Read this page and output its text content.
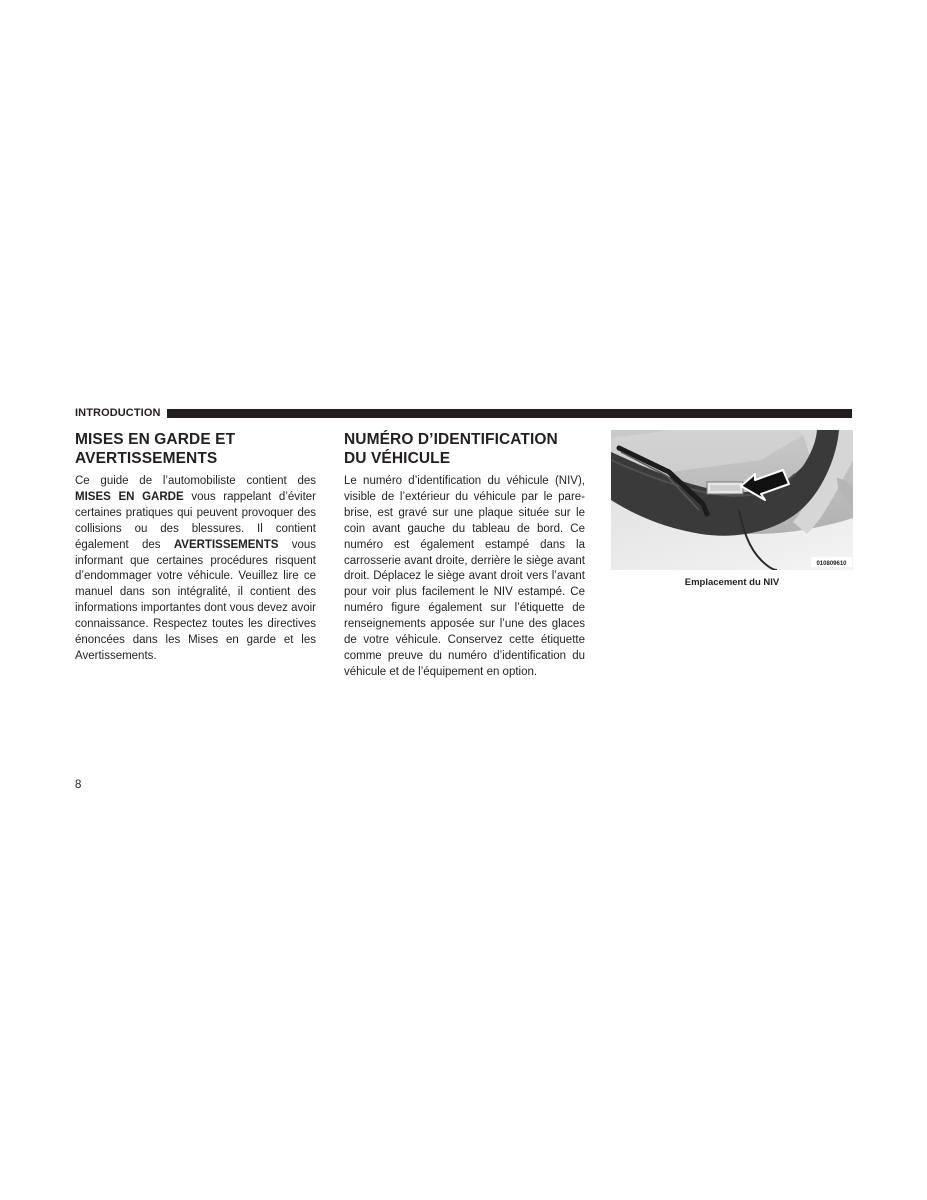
INTRODUCTION
MISES EN GARDE ET
AVERTISSEMENTS

Ce guide de l’automobiliste contient des MISES EN GARDE vous rappelant d’éviter certaines pratiques qui peuvent provoquer des collisions ou des blessures. Il contient également des AVERTISSEMENTS vous informant que certaines procédures risquent d’endommager votre véhicule. Veuillez lire ce manuel dans son intégralité, il contient des informations importantes dont vous devez avoir connaissance. Respectez toutes les directives énoncées dans les Mises en garde et les Avertissements.

NUMÉRO D’IDENTIFICATION
DU VÉHICULE

Le numéro d’identification du véhicule (NIV), visible de l’extérieur du véhicule par le pare-brise, est gravé sur une plaque située sur le coin avant gauche du tableau de bord. Ce numéro est également estampé dans la carrosserie avant droite, derrière le siège avant droit. Déplacez le siège avant droit vers l’avant pour voir plus facilement le NIV estampé. Ce numéro figure également sur l’étiquette de renseignements apposée sur l’une des glaces de votre véhicule. Conservez cette étiquette comme preuve du numéro d’identification du véhicule et de l’équipement en option.

010809610
Emplacement du NIV
8
